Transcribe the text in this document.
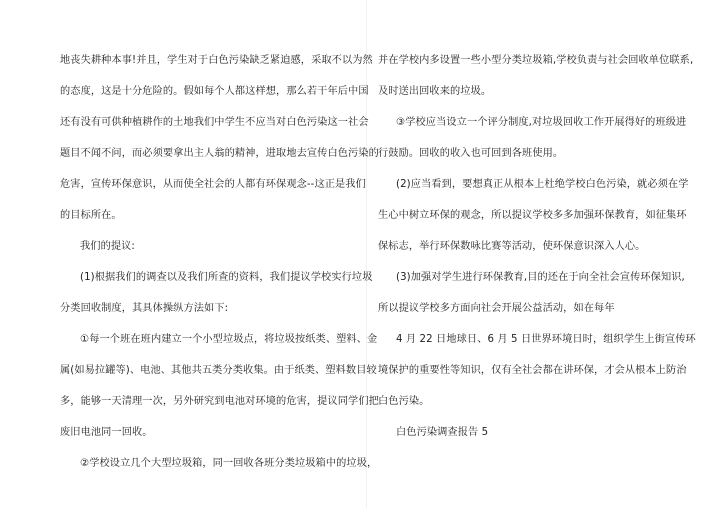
地丧失耕种本事!并且，学生对于白色污染缺乏紧迫感，采取不以为然
的态度，这是十分危险的。假如每个人都这样想，那么若干年后中国
还有没有可供种植耕作的土地我们中学生不应当对白色污染这一社会
题目不闻不问，而必须要拿出主人翁的精神，进取地去宣传白色污染的
危害，宣传环保意识，从而使全社会的人都有环保观念--这正是我们
的目标所在。
我们的提议:
(1)根据我们的调查以及我们所查的资料，我们提议学校实行垃圾
分类回收制度，其具体操纵方法如下:
①每一个班在班内建立一个小型垃圾点，将垃圾按纸类、塑料、金
属(如易拉罐等)、电池、其他共五类分类收集。由于纸类、塑料数目较
多，能够一天清理一次，另外研究到电池对环境的危害，提议同学们把
废旧电池同一回收。
②学校设立几个大型垃圾箱，同一回收各班分类垃圾箱中的垃圾，
并在学校内多设置一些小型分类垃圾箱,学校负责与社会回收单位联系,
及时送出回收来的垃圾。
③学校应当设立一个评分制度,对垃圾回收工作开展得好的班级进
行鼓励。回收的收入也可回到各班使用。
(2)应当看到，要想真正从根本上杜绝学校白色污染，就必须在学
生心中树立环保的观念，所以提议学校多多加强环保教育，如征集环
保标志，举行环保数咏比赛等活动，使环保意识深入人心。
(3)加强对学生进行环保教育,目的还在于向全社会宣传环保知识,
所以提议学校多方面向社会开展公益活动，如在每年
4 月 22 日地球日、6 月 5 日世界环境日时，组织学生上街宣传环
境保护的重要性等知识，仅有全社会都在讲环保，才会从根本上防治
白色污染。
白色污染调查报告 5
